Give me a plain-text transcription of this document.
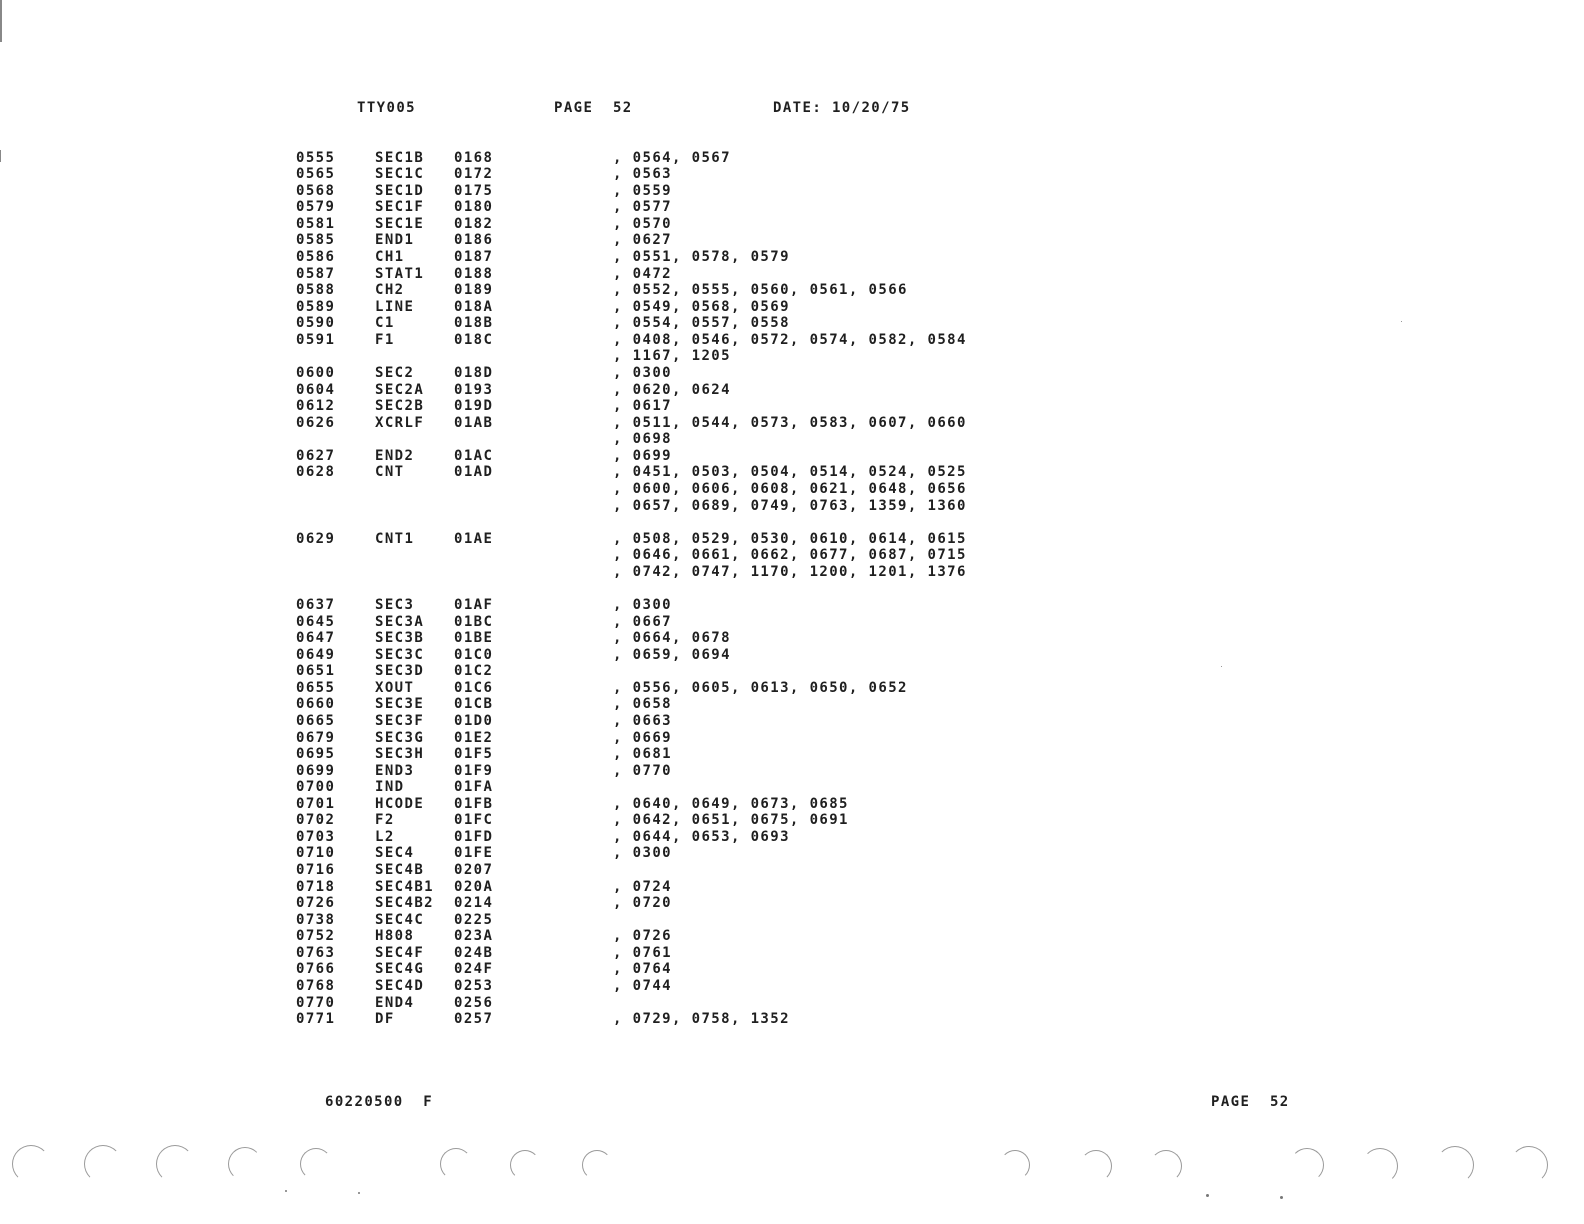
TTY005	PAGE  52	DATE: 10/20/75
0555	SEC1B 0168	, 0564, 0567
0565	SEC1C 0172	, 0563
0568	SEC1D 0175	, 0559
0579	SEC1F 0180	, 0577
0581	SEC1E 0182	, 0570
0585	END1	0186	, 0627
0586	CH1	0187	, 0551, 0578, 0579
0587	STAT1 0188	, 0472
0588	CH2	0189	, 0552, 0555, 0560, 0561, 0566
0589	LINE	018A	, 0549, 0568, 0569
0590	C1	018B	, 0554, 0557, 0558
0591	F1	018C	, 0408, 0546, 0572, 0574, 0582, 0584
, 1167, 1205
0600	SEC2	018D	, 0300
0604	SEC2A 0193	, 0620, 0624
0612	SEC2B 019D	, 0617
0626	XCRLF 01AB	, 0511, 0544, 0573, 0583, 0607, 0660
, 0698
0627	END2	01AC	, 0699
0628	CNT	01AD	, 0451, 0503, 0504, 0514, 0524, 0525
, 0600, 0606, 0608, 0621, 0648, 0656
, 0657, 0689, 0749, 0763, 1359, 1360
0629	CNT1	01AE	, 0508, 0529, 0530, 0610, 0614, 0615
, 0646, 0661, 0662, 0677, 0687, 0715
, 0742, 0747, 1170, 1200, 1201, 1376
0637	SEC3	01AF	, 0300
0645	SEC3A 01BC	, 0667
0647	SEC3B 01BE	, 0664, 0678
0649	SEC3C 01C0	, 0659, 0694
0651	SEC3D 01C2
0655	XOUT	01C6	, 0556, 0605, 0613, 0650, 0652
0660	SEC3E 01CB	, 0658
0665	SEC3F 01D0	, 0663
0679	SEC3G 01E2	, 0669
0695	SEC3H 01F5	, 0681
0699	END3	01F9	, 0770
0700	IND	01FA
0701	HCODE 01FB	, 0640, 0649, 0673, 0685
0702	F2	01FC	, 0642, 0651, 0675, 0691
0703	L2	01FD	, 0644, 0653, 0693
0710	SEC4	01FE	, 0300
0716	SEC4B 0207
0718	SEC4B1 020A	, 0724
0726	SEC4B2 0214	, 0720
0738	SEC4C 0225
0752	H808	023A	, 0726
0763	SEC4F 024B	, 0761
0766	SEC4G 024F	, 0764
0768	SEC4D 0253	, 0744
0770	END4	0256
0771	DF	0257	, 0729, 0758, 1352
60220500  F	PAGE  52
